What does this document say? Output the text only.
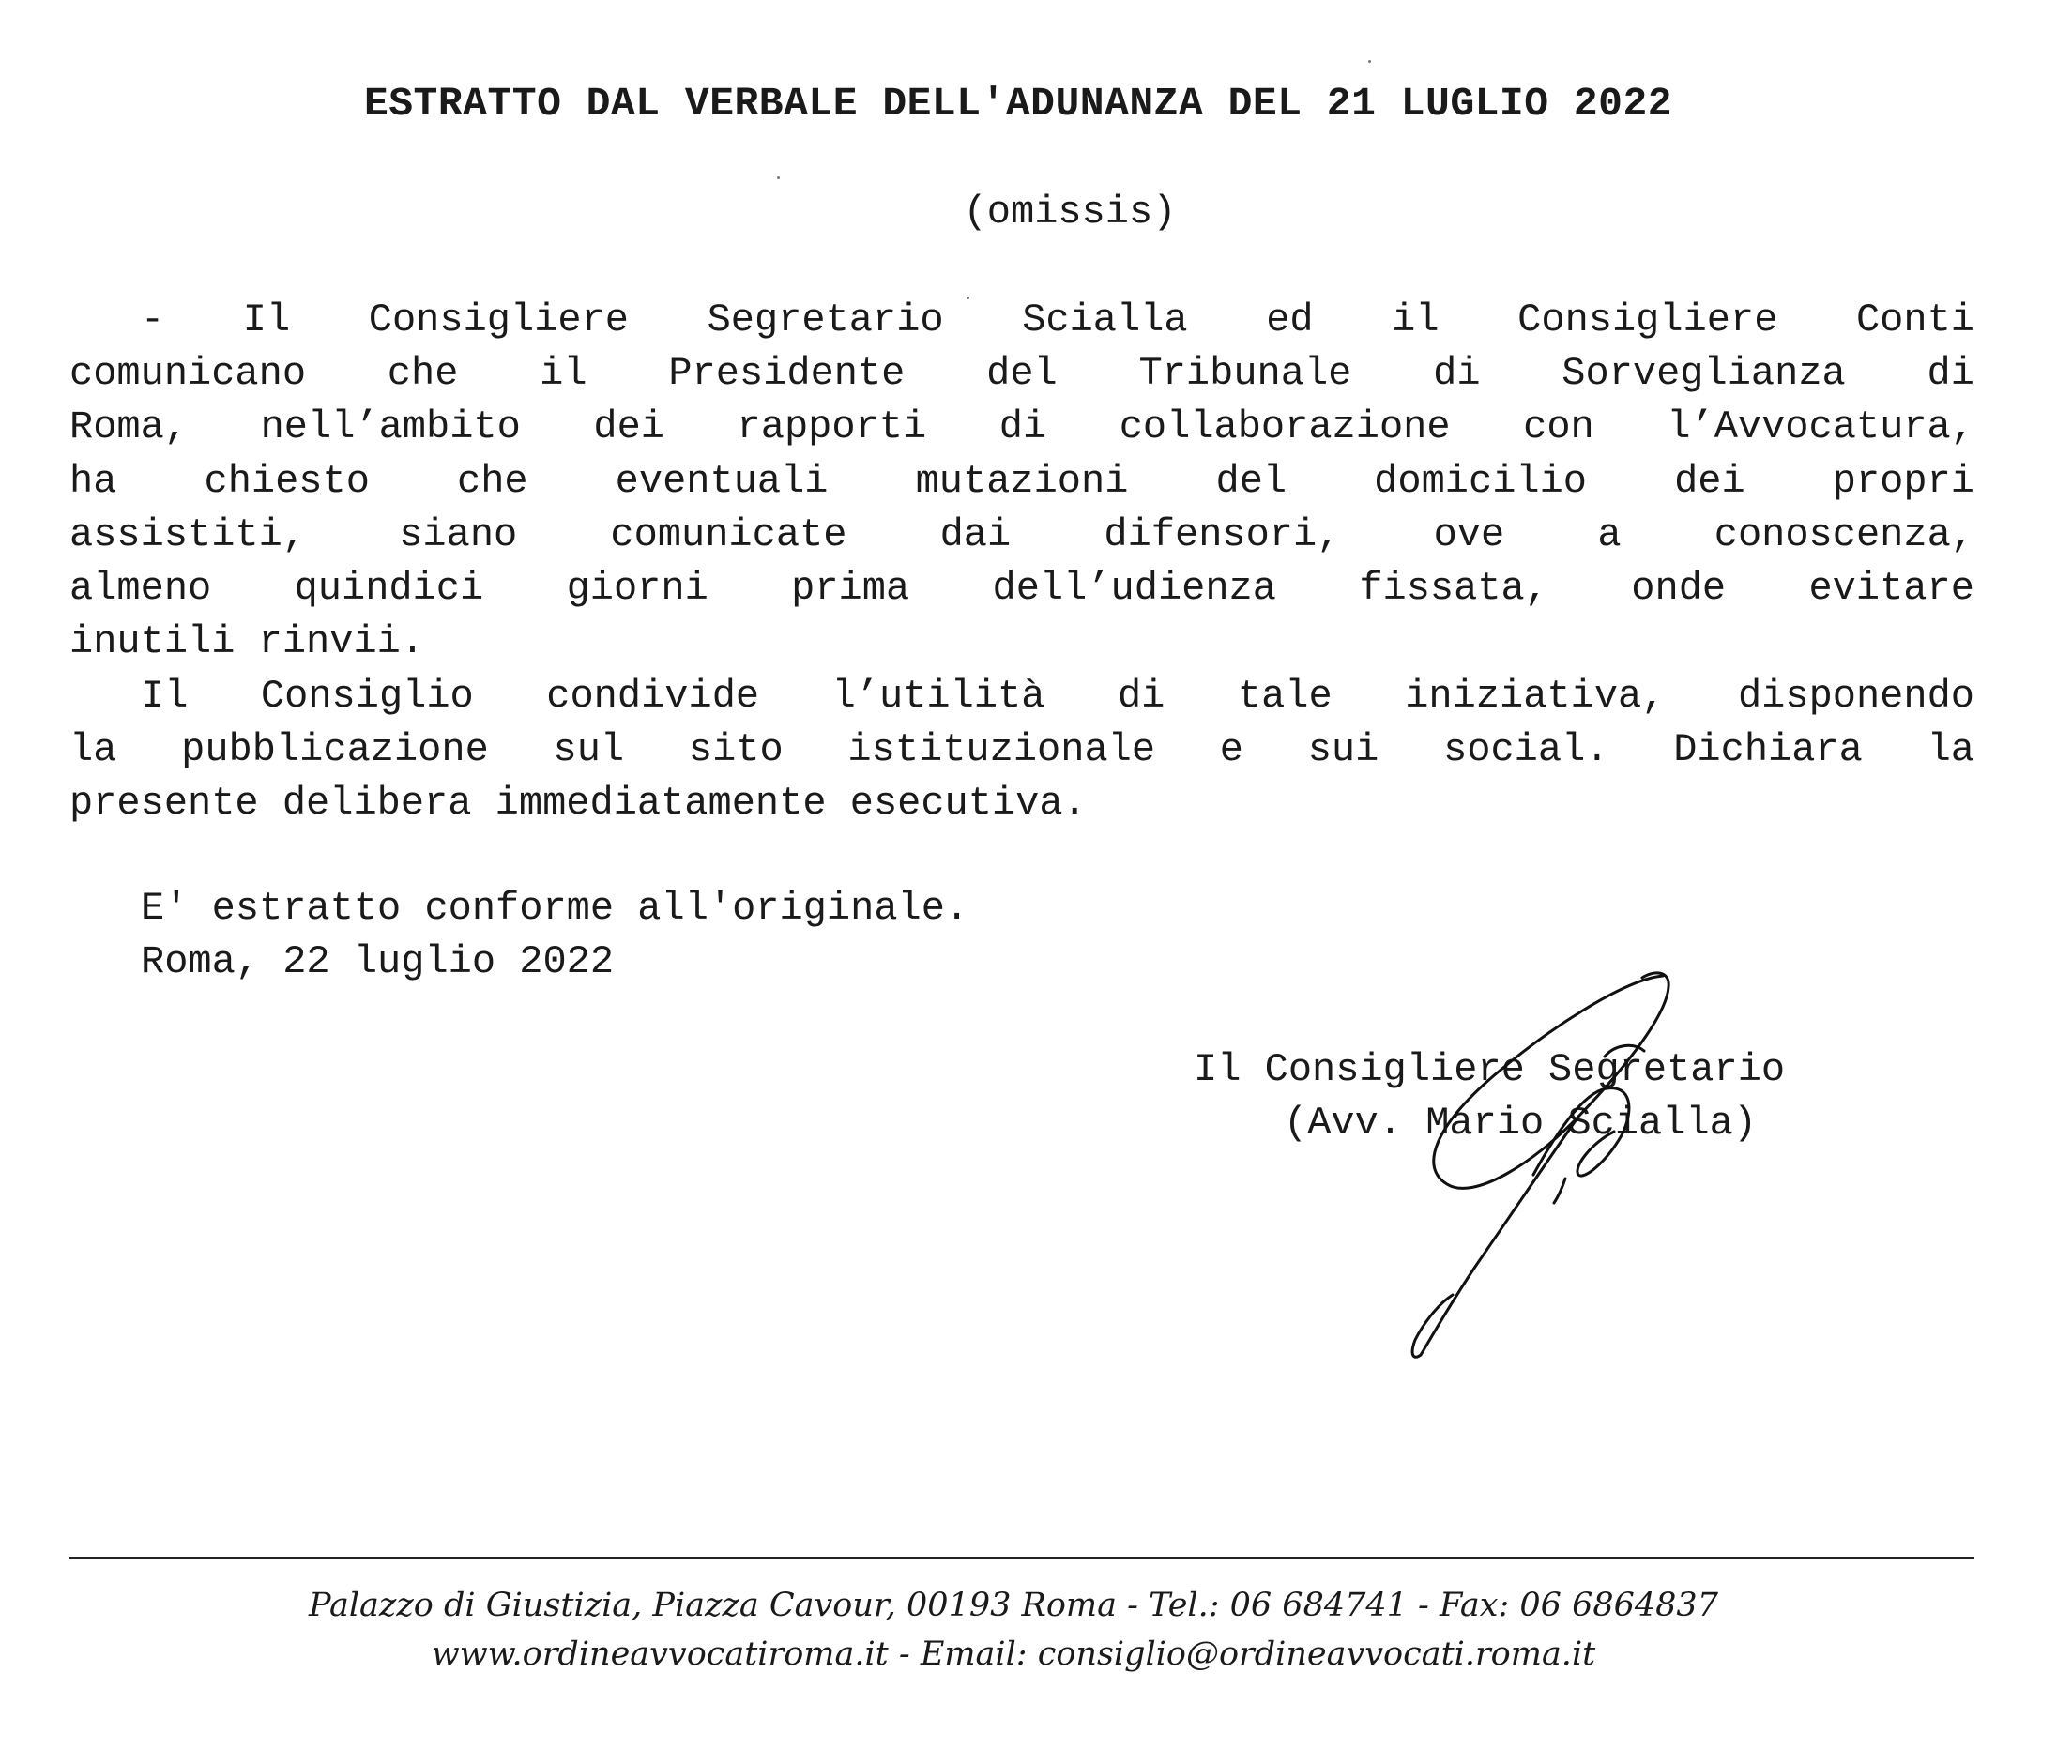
ESTRATTO DAL VERBALE DELL'ADUNANZA DEL 21 LUGLIO 2022
(omissis)
- Il Consigliere Segretario Scialla ed il Consigliere Conti
comunicano che il Presidente del Tribunale di Sorveglianza di
Roma, nell’ambito dei rapporti di collaborazione con l’Avvocatura,
ha chiesto che eventuali mutazioni del domicilio dei propri
assistiti, siano comunicate dai difensori, ove a conoscenza,
almeno quindici giorni prima dell’udienza fissata, onde evitare
inutili rinvii.
Il Consiglio condivide l’utilità di tale iniziativa, disponendo
la pubblicazione sul sito istituzionale e sui social. Dichiara la
presente delibera immediatamente esecutiva.
E' estratto conforme all'originale.
Roma, 22 luglio 2022
Il Consigliere Segretario
(Avv. Mario Scialla)
Palazzo di Giustizia, Piazza Cavour, 00193 Roma - Tel.: 06 684741 - Fax: 06 6864837
www.ordineavvocatiroma.it - Email: consiglio@ordineavvocati.roma.it
